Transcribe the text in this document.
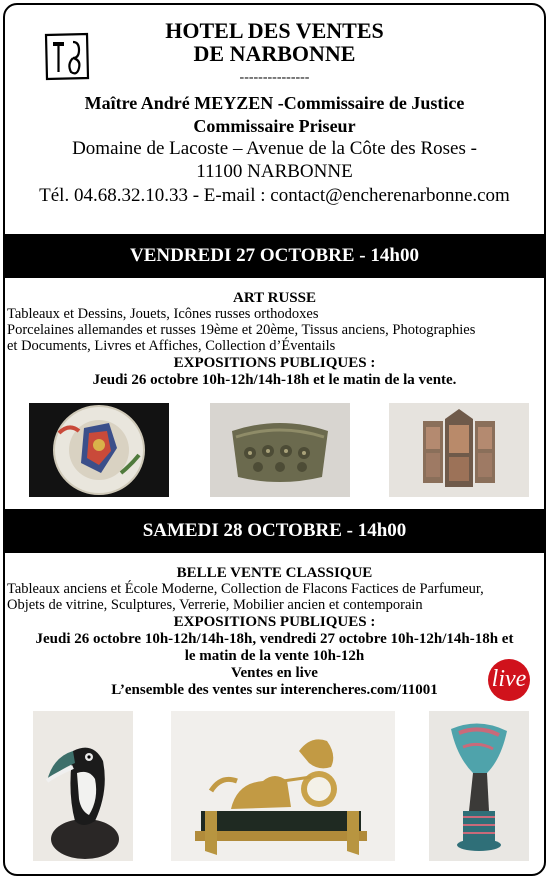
HOTEL DES VENTES
DE NARBONNE
---------------
Maître André MEYZEN -Commissaire de Justice
Commissaire Priseur
Domaine de Lacoste – Avenue de la Côte des Roses -
11100 NARBONNE
Tél. 04.68.32.10.33 - E-mail : contact@encherenarbonne.com
VENDREDI 27 OCTOBRE - 14h00
ART RUSSE
Tableaux et Dessins, Jouets, Icônes russes orthodoxes
Porcelaines allemandes et russes 19ème et 20ème, Tissus anciens, Photographies
et Documents, Livres et Affiches, Collection d’Éventails
EXPOSITIONS PUBLIQUES :
Jeudi 26 octobre 10h-12h/14h-18h et le matin de la vente.
SAMEDI 28 OCTOBRE - 14h00
BELLE VENTE CLASSIQUE
Tableaux anciens et École Moderne, Collection de Flacons Factices de Parfumeur,
Objets de vitrine, Sculptures, Verrerie, Mobilier ancien et contemporain
EXPOSITIONS PUBLIQUES :
Jeudi 26 octobre 10h-12h/14h-18h, vendredi 27 octobre 10h-12h/14h-18h et
le matin de la vente 10h-12h
Ventes en live
L’ensemble des ventes sur interencheres.com/11001	live
